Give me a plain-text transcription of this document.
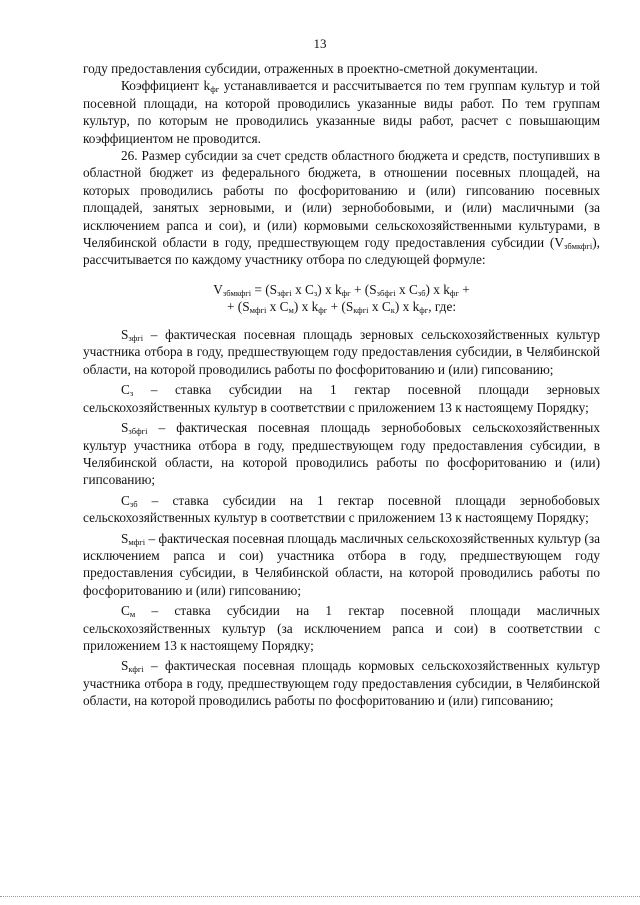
13

году предоставления субсидии, отраженных в проектно-сметной документации.

Коэффициент $k_{фг}$ устанавливается и рассчитывается по тем группам культур и той посевной площади, на которой проводились указанные виды работ. По тем группам культур, по которым не проводились указанные виды работ, расчет с повышающим коэффициентом не проводится.

26. Размер субсидии за счет средств областного бюджета и средств, поступивших в областной бюджет из федерального бюджета, в отношении посевных площадей, на которых проводились работы по фосфоритованию и (или) гипсованию посевных площадей, занятых зерновыми, и (или) зернобобовыми, и (или) масличными (за исключением рапса и сои), и (или) кормовыми сельскохозяйственными культурами, в Челябинской области в году, предшествующем году предоставления субсидии $(V_{збмкфгi})$, рассчитывается по каждому участнику отбора по следующей формуле:

$V_{збмкфгi} = (S_{зфгi}$ x $C_з$) x $k_{фг} + (S_{збфгi}$ x $C_{зб}$) x $k_{фг}$ +
+ ($S_{мфгi}$ x $C_м$) x $k_{фг} + (S_{кфгi}$ x $C_к$) x $k_{фг}$, где:

$S_{зфгi}$ – фактическая посевная площадь зерновых сельскохозяйственных культур участника отбора в году, предшествующем году предоставления субсидии, в Челябинской области, на которой проводились работы по фосфоритованию и (или) гипсованию;

$C_з$ – ставка субсидии на 1 гектар посевной площади зерновых сельскохозяйственных культур в соответствии с приложением 13 к настоящему Порядку;

$S_{збфгi}$ – фактическая посевная площадь зернобобовых сельскохозяйственных культур участника отбора в году, предшествующем году предоставления субсидии, в Челябинской области, на которой проводились работы по фосфоритованию и (или) гипсованию;

$C_{зб}$ – ставка субсидии на 1 гектар посевной площади зернобобовых сельскохозяйственных культур в соответствии с приложением 13 к настоящему Порядку;

$S_{мфгi}$ – фактическая посевная площадь масличных сельскохозяйственных культур (за исключением рапса и сои) участника отбора в году, предшествующем году предоставления субсидии, в Челябинской области, на которой проводились работы по фосфоритованию и (или) гипсованию;

$C_м$ – ставка субсидии на 1 гектар посевной площади масличных сельскохозяйственных культур (за исключением рапса и сои) в соответствии с приложением 13 к настоящему Порядку;

$S_{кфгi}$ – фактическая посевная площадь кормовых сельскохозяйственных культур участника отбора в году, предшествующем году предоставления субсидии, в Челябинской области, на которой проводились работы по фосфоритованию и (или) гипсованию;
